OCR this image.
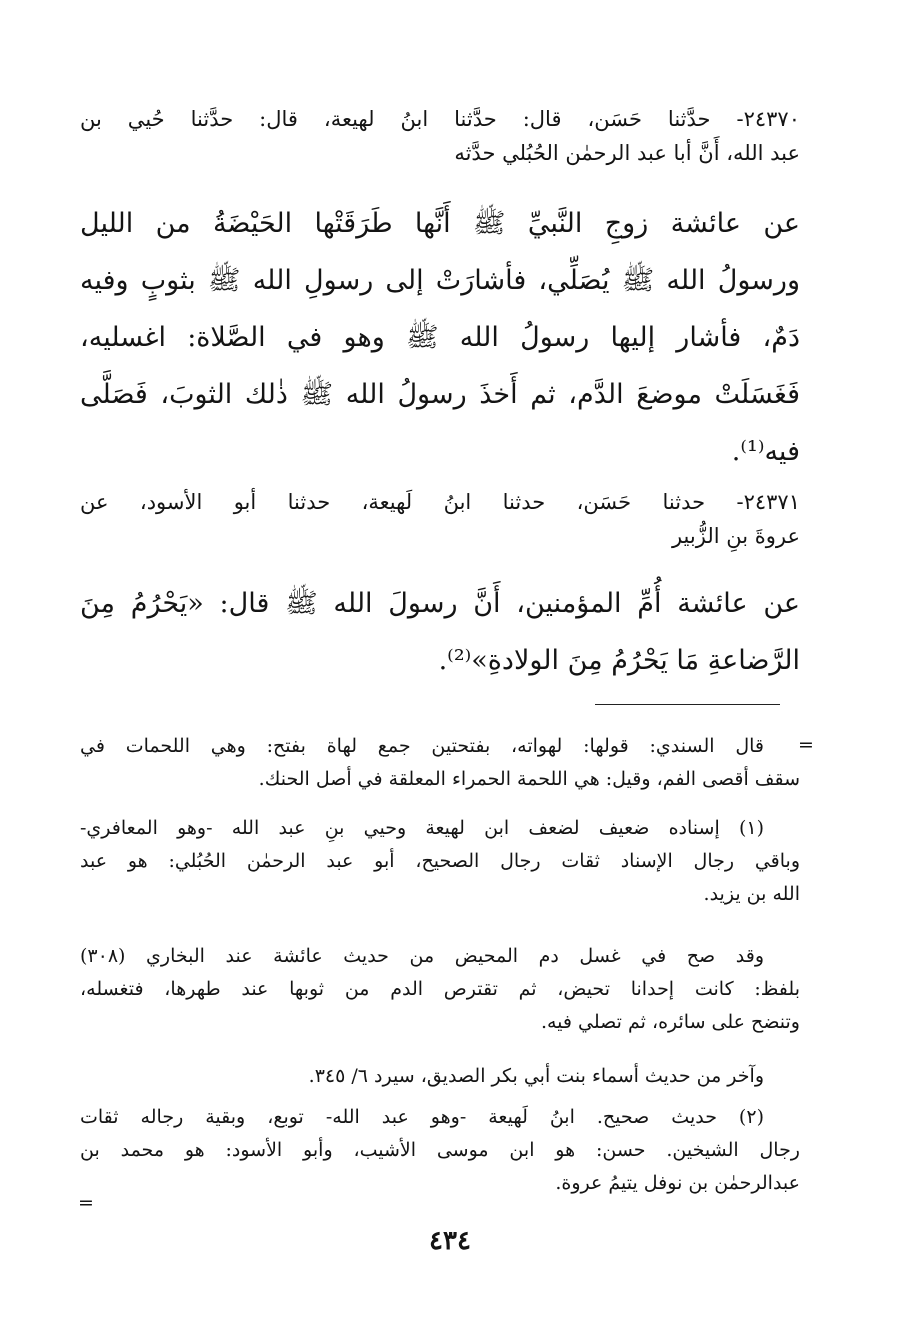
٢٤٣٧٠- حدَّثنا حَسَن، قال: حدَّثنا ابنُ لهيعة، قال: حدَّثنا حُيي بن
عبد الله، أَنَّ أبا عبد الرحمٰن الحُبُلي حدَّثه
عن عائشة زوجِ النَّبيِّ ﷺ أَنَّها طَرَقَتْها الحَيْضَةُ من الليل
ورسولُ الله ﷺ يُصَلِّي، فأشارَتْ إلى رسولِ الله ﷺ بثوبٍ وفيه
دَمٌ، فأشار إليها رسولُ الله ﷺ وهو في الصَّلاة: اغسليه،
فَغَسَلَتْ موضعَ الدَّم، ثم أَخذَ رسولُ الله ﷺ ذٰلك الثوبَ، فَصَلَّى
فيه⁽¹⁾.
٢٤٣٧١- حدثنا حَسَن، حدثنا ابنُ لَهيعة، حدثنا أبو الأسود، عن
عروةَ بنِ الزُّبير
عن عائشة أُمِّ المؤمنين، أَنَّ رسولَ الله ﷺ قال: «يَحْرُمُ مِنَ
الرَّضاعةِ مَا يَحْرُمُ مِنَ الولادةِ»⁽²⁾.
=
قال السندي: قولها: لهواته، بفتحتين جمع لهاة بفتح: وهي اللحمات في
سقف أقصى الفم، وقيل: هي اللحمة الحمراء المعلقة في أصل الحنك.
(١) إسناده ضعيف لضعف ابن لهيعة وحيي بنِ عبد الله -وهو المعافري-
وباقي رجال الإسناد ثقات رجال الصحيح، أبو عبد الرحمٰن الحُبُلي: هو عبد
الله بن يزيد.
وقد صح في غسل دم المحيض من حديث عائشة عند البخاري (٣٠٨)
بلفظ: كانت إحدانا تحيض، ثم تقترص الدم من ثوبها عند طهرها، فتغسله،
وتنضح على سائره، ثم تصلي فيه.
وآخر من حديث أسماء بنت أبي بكر الصديق، سيرد ٦/ ٣٤٥.
(٢) حديث صحيح. ابنُ لَهيعة -وهو عبد الله- توبع، وبقية رجاله ثقات
رجال الشيخين. حسن: هو ابن موسى الأشيب، وأبو الأسود: هو محمد بن
عبدالرحمٰن بن نوفل يتيمُ عروة.
=
٤٣٤
